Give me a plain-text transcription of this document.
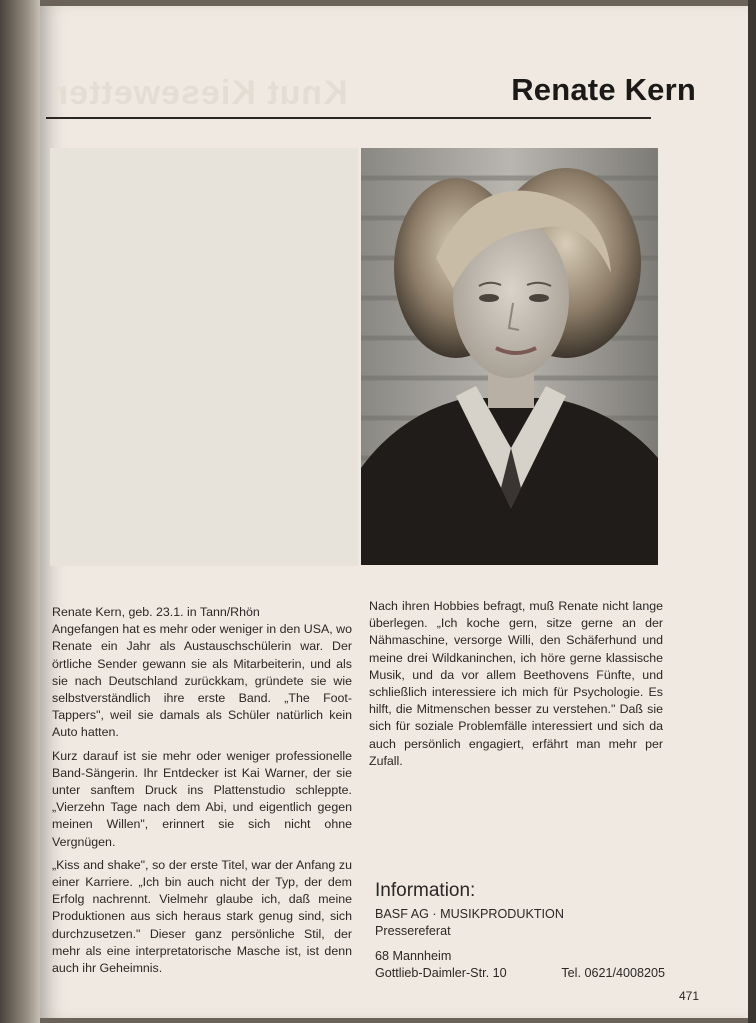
Knut Kiesewetter	Renate Kern

Renate Kern, geb. 23.1. in Tann/Rhön

Angefangen hat es mehr oder weniger in den USA, wo Renate ein Jahr als Austauschschülerin war. Der örtliche Sender gewann sie als Mitarbeiterin, und als sie nach Deutschland zurückkam, gründete sie wie selbstverständlich ihre erste Band. „The Foot-Tappers", weil sie damals als Schüler natürlich kein Auto hatten.

Kurz darauf ist sie mehr oder weniger professionelle Band-Sängerin. Ihr Entdecker ist Kai Warner, der sie unter sanftem Druck ins Plattenstudio schleppte. „Vierzehn Tage nach dem Abi, und eigentlich gegen meinen Willen", erinnert sie sich nicht ohne Vergnügen.

„Kiss and shake", so der erste Titel, war der Anfang zu einer Karriere. „Ich bin auch nicht der Typ, der dem Erfolg nachrennt. Vielmehr glaube ich, daß meine Produktionen aus sich heraus stark genug sind, sich durchzusetzen." Dieser ganz persönliche Stil, der mehr als eine interpretatorische Masche ist, ist denn auch ihr Geheimnis.

Nach ihren Hobbies befragt, muß Renate nicht lange überlegen. „Ich koche gern, sitze gerne an der Nähmaschine, versorge Willi, den Schäferhund und meine drei Wildkaninchen, ich höre gerne klassische Musik, und da vor allem Beethovens Fünfte, und schließlich interessiere ich mich für Psychologie. Es hilft, die Mitmenschen besser zu verstehen." Daß sie sich für soziale Problemfälle interessiert und sich da auch persönlich engagiert, erfährt man mehr per Zufall.

Information:
BASF AG · MUSIKPRODUKTION
Pressereferat
68 Mannheim
Gottlieb-Daimler-Str. 10	Tel. 0621/4008205
471
